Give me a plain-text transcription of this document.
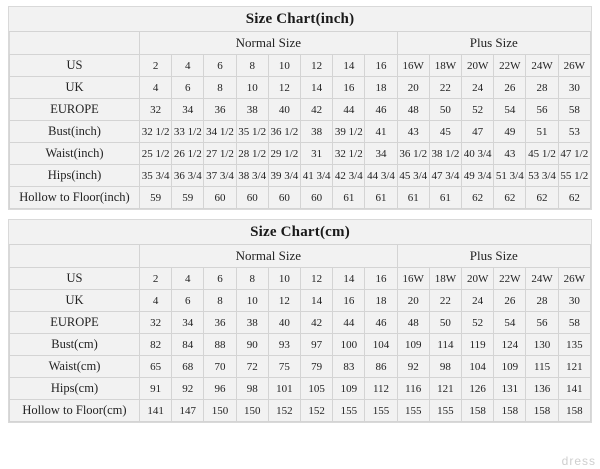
Size Chart(inch)
	Normal Size								Plus Size					
US	2	4	6	8	10	12	14	16	16W	18W	20W	22W	24W	26W
UK	4	6	8	10	12	14	16	18	20	22	24	26	28	30
EUROPE	32	34	36	38	40	42	44	46	48	50	52	54	56	58
Bust(inch)	32 1/2	33 1/2	34 1/2	35 1/2	36 1/2	38	39 1/2	41	43	45	47	49	51	53
Waist(inch)	25 1/2	26 1/2	27 1/2	28 1/2	29 1/2	31	32 1/2	34	36 1/2	38 1/2	40 3/4	43	45 1/2	47 1/2
Hips(inch)	35 3/4	36 3/4	37 3/4	38 3/4	39 3/4	41 3/4	42 3/4	44 3/4	45 3/4	47 3/4	49 3/4	51 3/4	53 3/4	55 1/2
Hollow to Floor(inch)	59	59	60	60	60	60	61	61	61	61	62	62	62	62
Size Chart(cm)
	Normal Size								Plus Size					
US	2	4	6	8	10	12	14	16	16W	18W	20W	22W	24W	26W
UK	4	6	8	10	12	14	16	18	20	22	24	26	28	30
EUROPE	32	34	36	38	40	42	44	46	48	50	52	54	56	58
Bust(cm)	82	84	88	90	93	97	100	104	109	114	119	124	130	135
Waist(cm)	65	68	70	72	75	79	83	86	92	98	104	109	115	121
Hips(cm)	91	92	96	98	101	105	109	112	116	121	126	131	136	141
Hollow to Floor(cm)	141	147	150	150	152	152	155	155	155	155	158	158	158	158
dress
